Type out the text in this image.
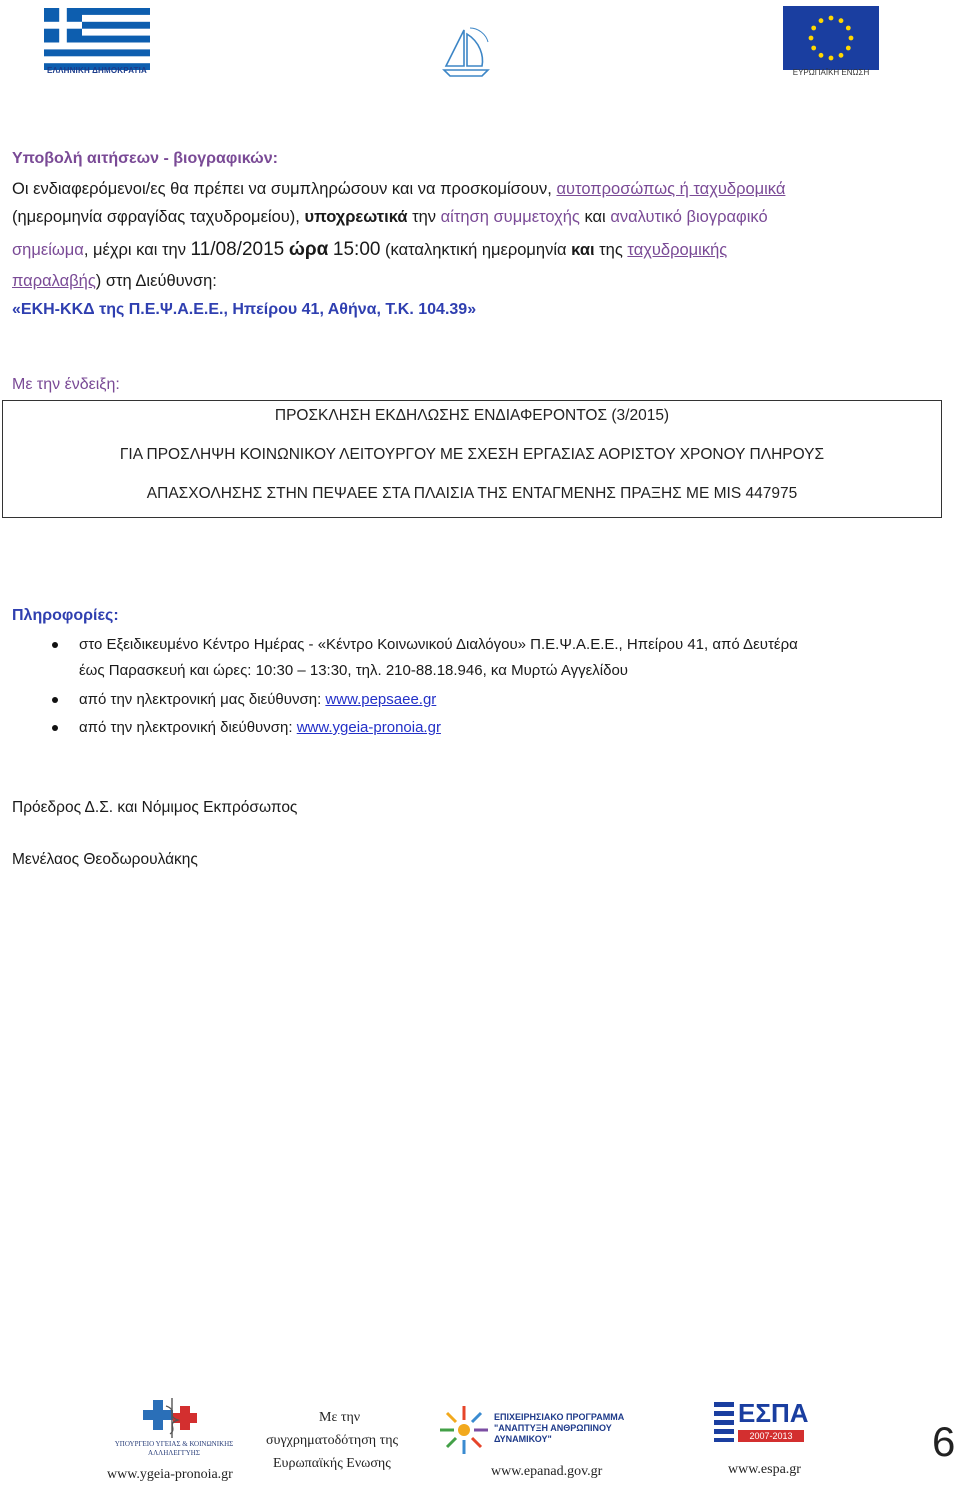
ΕΛΛΗΝΙΚΗ ΔΗΜΟΚΡΑΤΙΑ	ΕΥΡΩΠΑΪΚΗ ΕΝΩΣΗ
Υποβολή αιτήσεων - βιογραφικών:
Οι ενδιαφερόμενοι/ες θα πρέπει να συμπληρώσουν και να προσκομίσουν, αυτοπροσώπως ή ταχυδρομικά
(ημερομηνία σφραγίδας ταχυδρομείου), υποχρεωτικά την αίτηση συμμετοχής και αναλυτικό βιογραφικό
σημείωμα, μέχρι και την 11/08/2015 ώρα 15:00 (καταληκτική ημερομηνία και της ταχυδρομικής
παραλαβής) στη Διεύθυνση:
«ΕΚΗ-ΚΚΔ της Π.Ε.Ψ.Α.Ε.Ε., Ηπείρου 41, Αθήνα, Τ.Κ. 104.39»
Με την ένδειξη:
ΠΡΟΣΚΛΗΣΗ ΕΚΔΗΛΩΣΗΣ ΕΝΔΙΑΦΕΡΟΝΤΟΣ (3/2015)
ΓΙΑ ΠΡΟΣΛΗΨΗ ΚΟΙΝΩΝΙΚΟΥ ΛΕΙΤΟΥΡΓΟΥ ΜΕ ΣΧΕΣΗ ΕΡΓΑΣΙΑΣ ΑΟΡΙΣΤΟΥ ΧΡΟΝΟΥ ΠΛΗΡΟΥΣ
ΑΠΑΣΧΟΛΗΣΗΣ ΣΤΗΝ ΠΕΨΑΕΕ ΣΤΑ ΠΛΑΙΣΙΑ ΤΗΣ ΕΝΤΑΓΜΕΝΗΣ ΠΡΑΞΗΣ ΜΕ MIS 447975
Πληροφορίες:
στο Εξειδικευμένο Κέντρο Ημέρας - «Κέντρο Κοινωνικού Διαλόγου» Π.Ε.Ψ.Α.Ε.Ε., Ηπείρου 41, από Δευτέρα
έως Παρασκευή και ώρες: 10:30 – 13:30, τηλ. 210-88.18.946, κα Μυρτώ Αγγελίδου
από την ηλεκτρονική μας διεύθυνση: www.pepsaee.gr
από την ηλεκτρονική διεύθυνση: www.ygeia-pronoia.gr
Πρόεδρος Δ.Σ. και Νόμιμος Εκπρόσωπος
Μενέλαος Θεοδωρουλάκης
ΥΠΟΥΡΓΕΙΟ ΥΓΕΙΑΣ & ΚΟΙΝΩΝΙΚΗΣ ΑΛΛΗΛΕΓΓΥΗΣ
www.ygeia-pronoia.gr
Με την
συγχρηματοδότηση της
Ευρωπαϊκής Ενωσης
ΕΠΙΧΕΙΡΗΣΙΑΚΟ ΠΡΟΓΡΑΜΜΑ
"ΑΝΑΠΤΥΞΗ ΑΝΘΡΩΠΙΝΟΥ ΔΥΝΑΜΙΚΟΥ"
www.epanad.gov.gr
ΕΣΠΑ
2007-2013
www.espa.gr
6
